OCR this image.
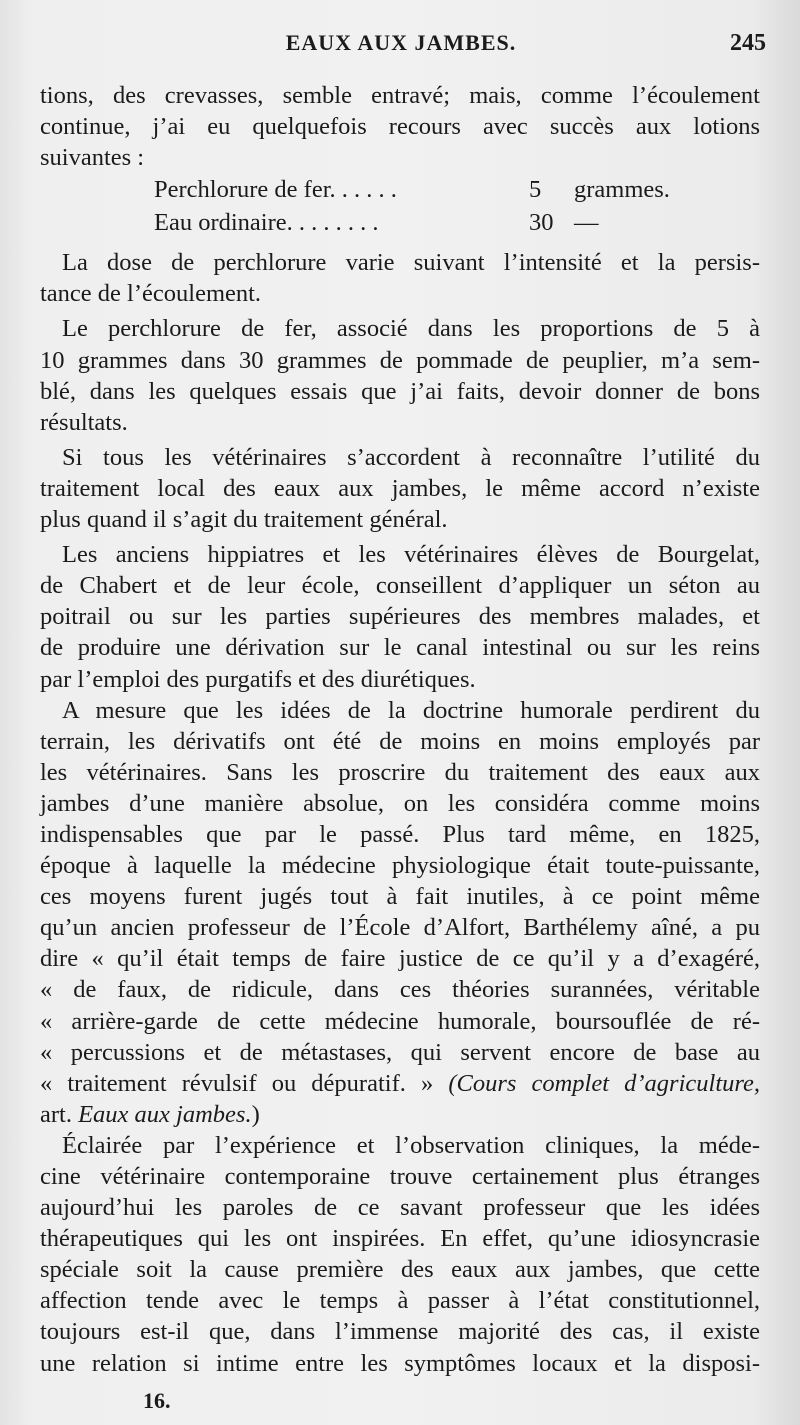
EAUX AUX JAMBES.	245
tions, des crevasses, semble entravé; mais, comme l’écoulement
continue, j’ai eu quelquefois recours avec succès aux lotions
suivantes :
Perchlorure de fer. . . . . .	5 grammes.
Eau ordinaire. . . . . . . .	30 —
La dose de perchlorure varie suivant l’intensité et la persis-
tance de l’écoulement.
Le perchlorure de fer, associé dans les proportions de 5 à
10 grammes dans 30 grammes de pommade de peuplier, m’a sem-
blé, dans les quelques essais que j’ai faits, devoir donner de bons
résultats.
Si tous les vétérinaires s’accordent à reconnaître l’utilité du
traitement local des eaux aux jambes, le même accord n’existe
plus quand il s’agit du traitement général.
Les anciens hippiatres et les vétérinaires élèves de Bourgelat,
de Chabert et de leur école, conseillent d’appliquer un séton au
poitrail ou sur les parties supérieures des membres malades, et
de produire une dérivation sur le canal intestinal ou sur les reins
par l’emploi des purgatifs et des diurétiques.
A mesure que les idées de la doctrine humorale perdirent du
terrain, les dérivatifs ont été de moins en moins employés par
les vétérinaires. Sans les proscrire du traitement des eaux aux
jambes d’une manière absolue, on les considéra comme moins
indispensables que par le passé. Plus tard même, en 1825,
époque à laquelle la médecine physiologique était toute-puissante,
ces moyens furent jugés tout à fait inutiles, à ce point même
qu’un ancien professeur de l’École d’Alfort, Barthélemy aîné, a pu
dire « qu’il était temps de faire justice de ce qu’il y a d’exagéré,
« de faux, de ridicule, dans ces théories surannées, véritable
« arrière-garde de cette médecine humorale, boursouflée de ré-
« percussions et de métastases, qui servent encore de base au
« traitement révulsif ou dépuratif. » (Cours complet d’agriculture,
art. Eaux aux jambes.)
Éclairée par l’expérience et l’observation cliniques, la méde-
cine vétérinaire contemporaine trouve certainement plus étranges
aujourd’hui les paroles de ce savant professeur que les idées
thérapeutiques qui les ont inspirées. En effet, qu’une idiosyncrasie
spéciale soit la cause première des eaux aux jambes, que cette
affection tende avec le temps à passer à l’état constitutionnel,
toujours est-il que, dans l’immense majorité des cas, il existe
une relation si intime entre les symptômes locaux et la disposi-
16.
